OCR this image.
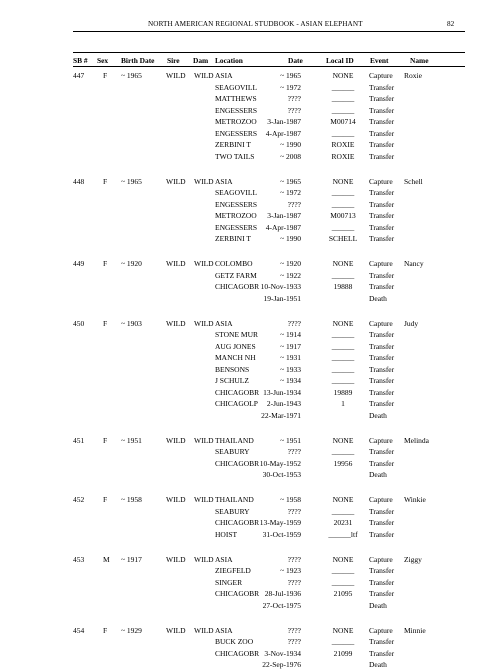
NORTH AMERICAN REGIONAL STUDBOOK - ASIAN ELEPHANT	82
SB # Sex Birth Date Sire Dam Location	Date	Local ID Event	Name
447	F ~ 1965	WILD WILD ASIA	~ 1965	NONE	Capture Roxie
SEAGOVILL	~ 1972	______	Transfer
MATTHEWS	????	______	Transfer
ENGESSERS	????	______	Transfer
METROZOO 3-Jan-1987	M00714	Transfer
ENGESSERS 4-Apr-1987	______	Transfer
ZERBINI T	~ 1990	ROXIE	Transfer
TWO TAILS	~ 2008	ROXIE	Transfer
448	F ~ 1965	WILD WILD ASIA	~ 1965	NONE	Capture Schell
SEAGOVILL	~ 1972	______	Transfer
ENGESSERS	????	______	Transfer
METROZOO 3-Jan-1987	M00713	Transfer
ENGESSERS 4-Apr-1987	______	Transfer
ZERBINI T	~ 1990	SCHELL	Transfer
449	F ~ 1920	WILD WILD COLOMBO	~ 1920	NONE	Capture Nancy
GETZ FARM	~ 1922	______	Transfer
CHICAGOBR 10-Nov-1933	19888	Transfer
19-Jan-1951	Death
450	F ~ 1903	WILD WILD ASIA	????	NONE	Capture Judy
STONE MUR	~ 1914	______	Transfer
AUG JONES	~ 1917	______	Transfer
MANCH NH	~ 1931	______	Transfer
BENSONS	~ 1933	______	Transfer
J SCHULZ	~ 1934	______	Transfer
CHICAGOBR 13-Jun-1934	19889	Transfer
CHICAGOLP 2-Jun-1943	1	Transfer
22-Mar-1971	Death
451	F ~ 1951	WILD WILD THAILAND	~ 1951	NONE	Capture Melinda
SEABURY	????	______	Transfer
CHICAGOBR 10-May-1952	19956	Transfer
30-Oct-1953	Death
452	F ~ 1958	WILD WILD THAILAND	~ 1958	NONE	Capture Winkie
SEABURY	????	______	Transfer
CHICAGOBR 13-May-1959	20231	Transfer
HOIST	31-Oct-1959	______ltf	Transfer
453	M ~ 1917	WILD WILD ASIA	????	NONE	Capture Ziggy
ZIEGFELD	~ 1923	______	Transfer
SINGER	????	______	Transfer
CHICAGOBR 28-Jul-1936	21095	Transfer
27-Oct-1975	Death
454	F ~ 1929	WILD WILD ASIA	????	NONE	Capture Minnie
BUCK ZOO	????	______	Transfer
CHICAGOBR 3-Nov-1934	21099	Transfer
22-Sep-1976	Death
